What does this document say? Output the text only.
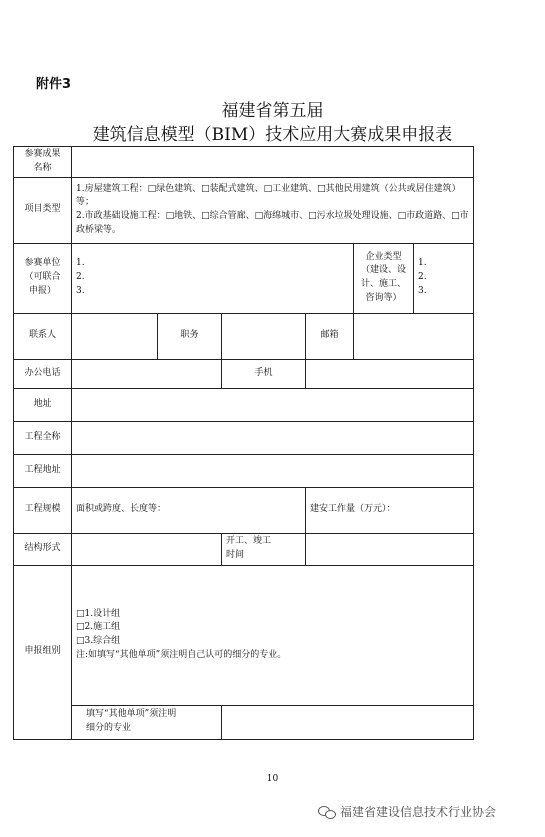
附件3
福建省第五届
建筑信息模型（BIM）技术应用大赛成果申报表
参赛成果
名称						

项目类型	1.房屋建筑工程：□绿色建筑、□装配式建筑、□工业建筑、□其他民用建筑（公共或居住建筑）等；
2.市政基础设施工程：□地铁、□综合管廊、□海绵城市、□污水垃圾处理设施、□市政道路、□市政桥梁等。					

参赛单位
（可联合
申报）	1.
2.
3.				企业类型
（建设、设
计、施工、
咨询等）	1.
2.
3.

联系人		职务		邮箱		
办公电话			手机			
地址						
工程全称						
工程地址						
工程规模	面积或跨度、长度等：			建安工作量（万元）：		
结构形式			开工、竣工
时间			

申报组别	□1.设计组
□2.施工组
□3.综合组
注:如填写“其他单项”须注明自己认可的细分的专业。					

	填写“其他单项”须注明
细分的专业					

10
福建省建设信息技术行业协会
